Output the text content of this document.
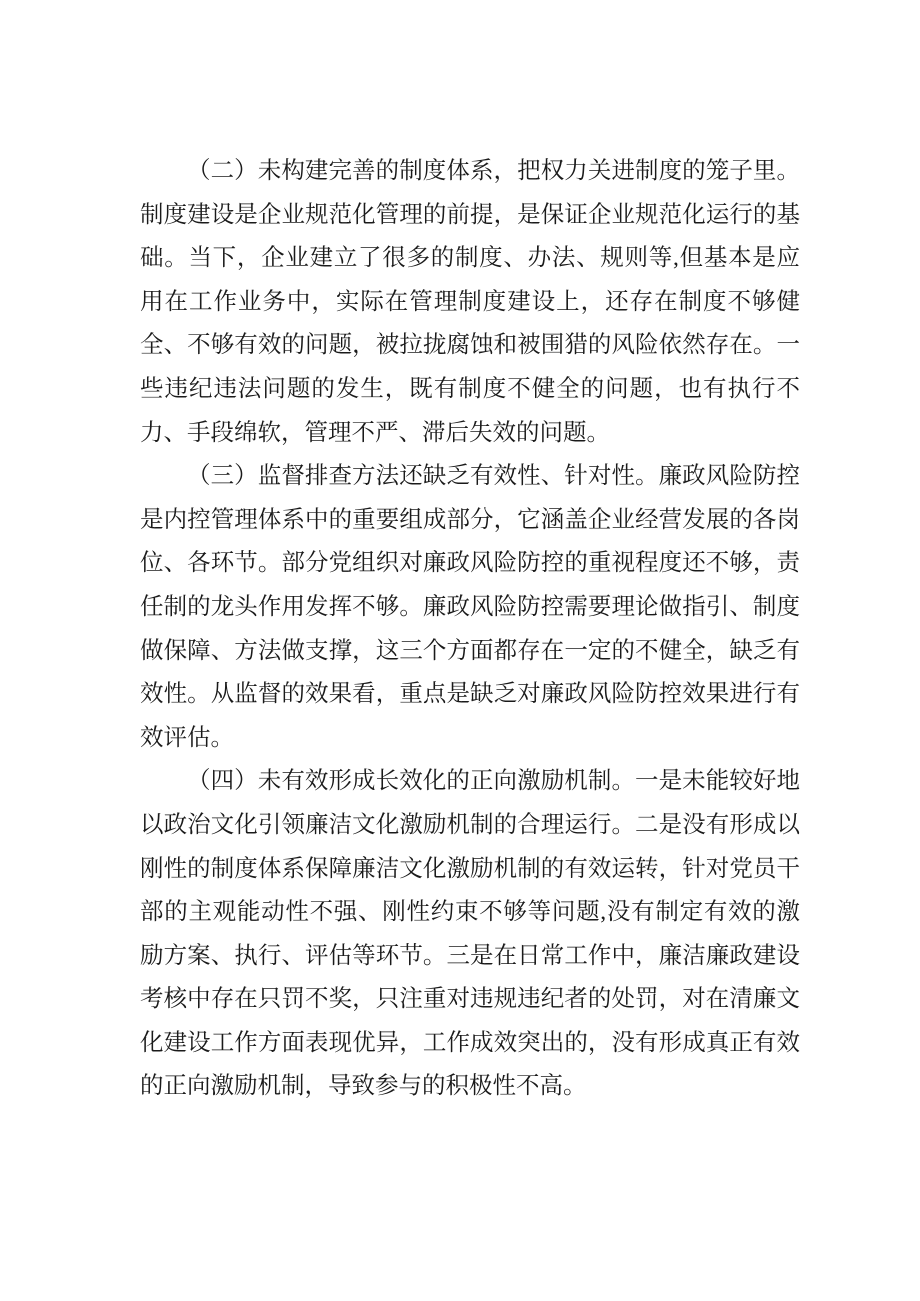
（二）未构建完善的制度体系，把权力关进制度的笼子里。制度建设是企业规范化管理的前提，是保证企业规范化运行的基础。当下，企业建立了很多的制度、办法、规则等,但基本是应用在工作业务中，实际在管理制度建设上，还存在制度不够健全、不够有效的问题，被拉拢腐蚀和被围猎的风险依然存在。一些违纪违法问题的发生，既有制度不健全的问题，也有执行不力、手段绵软，管理不严、滞后失效的问题。

（三）监督排查方法还缺乏有效性、针对性。廉政风险防控是内控管理体系中的重要组成部分，它涵盖企业经营发展的各岗位、各环节。部分党组织对廉政风险防控的重视程度还不够，责任制的龙头作用发挥不够。廉政风险防控需要理论做指引、制度做保障、方法做支撑，这三个方面都存在一定的不健全，缺乏有效性。从监督的效果看，重点是缺乏对廉政风险防控效果进行有效评估。

（四）未有效形成长效化的正向激励机制。一是未能较好地以政治文化引领廉洁文化激励机制的合理运行。二是没有形成以刚性的制度体系保障廉洁文化激励机制的有效运转，针对党员干部的主观能动性不强、刚性约束不够等问题,没有制定有效的激励方案、执行、评估等环节。三是在日常工作中，廉洁廉政建设考核中存在只罚不奖，只注重对违规违纪者的处罚，对在清廉文化建设工作方面表现优异，工作成效突出的，没有形成真正有效的正向激励机制，导致参与的积极性不高。
